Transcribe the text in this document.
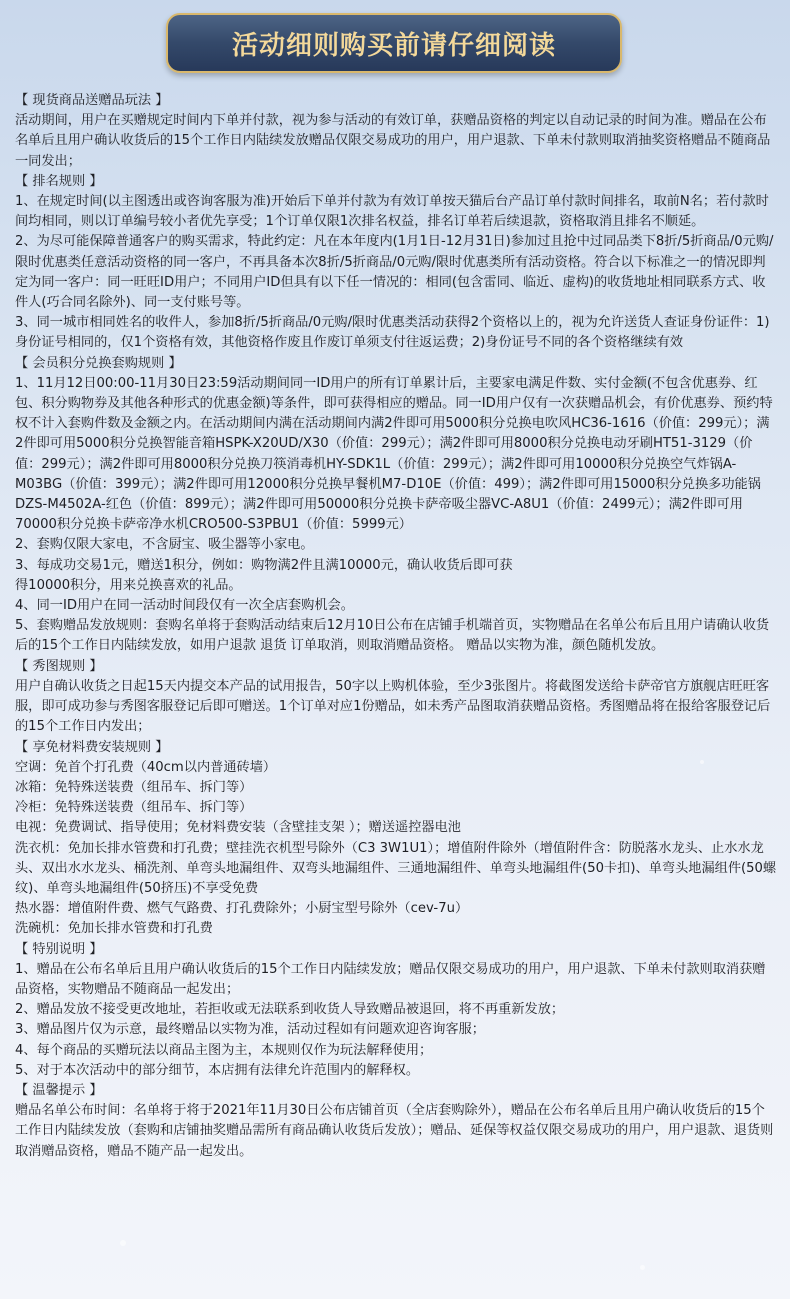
活动细则购买前请仔细阅读

【 现货商品送赠品玩法 】

活动期间，用户在买赠规定时间内下单并付款，视为参与活动的有效订单，获赠品资格的判定以自动记录的时间为准。赠品在公布名单后且用户确认收货后的15个工作日内陆续发放赠品仅限交易成功的用户，用户退款、下单未付款则取消抽奖资格赠品不随商品一同发出；

【 排名规则 】

1、在规定时间(以主图透出或咨询客服为准)开始后下单并付款为有效订单按天猫后台产品订单付款时间排名，取前N名；若付款时间均相同，则以订单编号较小者优先享受；1个订单仅限1次排名权益，排名订单若后续退款，资格取消且排名不顺延。

2、为尽可能保障普通客户的购买需求，特此约定：凡在本年度内(1月1日-12月31日)参加过且抢中过同品类下8折/5折商品/0元购/限时优惠类任意活动资格的同一客户，不再具备本次8折/5折商品/0元购/限时优惠类所有活动资格。符合以下标准之一的情况即判定为同一客户：同一旺旺ID用户；不同用户ID但具有以下任一情况的：相同(包含雷同、临近、虚构)的收货地址相同联系方式、收件人(巧合同名除外)、同一支付账号等。

3、同一城市相同姓名的收件人，参加8折/5折商品/0元购/限时优惠类活动获得2个资格以上的，视为允许送货人查证身份证件：1)身份证号相同的，仅1个资格有效，其他资格作废且作废订单须支付往返运费；2)身份证号不同的各个资格继续有效

【 会员积分兑换套购规则 】

1、11月12日00:00-11月30日23:59活动期间同一ID用户的所有订单累计后，主要家电满足件数、实付金额(不包含优惠券、红包、积分购物券及其他各种形式的优惠金额)等条件，即可获得相应的赠品。同一ID用户仅有一次获赠品机会，有价优惠券、预约特权不计入套购件数及金额之内。在活动期间内满在活动期间内满2件即可用5000积分兑换电吹风HC36-1616（价值：299元）；满2件即可用5000积分兑换智能音箱HSPK-X20UD/X30（价值：299元）；满2件即可用8000积分兑换电动牙刷HT51-3129（价值：299元）；满2件即可用8000积分兑换刀筷消毒机HY-SDK1L（价值：299元）；满2件即可用10000积分兑换空气炸锅A-M03BG（价值：399元）；满2件即可用12000积分兑换早餐机M7-D10E（价值：499）；满2件即可用15000积分兑换多功能锅DZS-M4502A-红色（价值：899元）；满2件即可用50000积分兑换卡萨帝吸尘器VC-A8U1（价值：2499元）；满2件即可用70000积分兑换卡萨帝净水机CRO500-S3PBU1（价值：5999元）

2、套购仅限大家电，不含厨宝、吸尘器等小家电。

3、每成功交易1元，赠送1积分，例如：购物满2件且满10000元，确认收货后即可获

得10000积分，用来兑换喜欢的礼品。

4、同一ID用户在同一活动时间段仅有一次全店套购机会。

5、套购赠品发放规则：套购名单将于套购活动结束后12月10日公布在店铺手机端首页，实物赠品在名单公布后且用户请确认收货后的15个工作日内陆续发放，如用户退款 退货 订单取消，则取消赠品资格。 赠品以实物为准，颜色随机发放。

【 秀图规则 】

用户自确认收货之日起15天内提交本产品的试用报告，50字以上购机体验，至少3张图片。将截图发送给卡萨帝官方旗舰店旺旺客服，即可成功参与秀图客服登记后即可赠送。1个订单对应1份赠品，如未秀产品图取消获赠品资格。秀图赠品将在报给客服登记后的15个工作日内发出；

【 享免材料费安装规则 】

空调：免首个打孔费（40cm以内普通砖墙）

冰箱：免特殊送装费（组吊车、拆门等）

冷柜：免特殊送装费（组吊车、拆门等）

电视：免费调试、指导使用；免材料费安装（含壁挂支架 ）；赠送遥控器电池

洗衣机：免加长排水管费和打孔费；壁挂洗衣机型号除外（C3 3W1U1）；增值附件除外（增值附件含：防脱落水龙头、止水水龙头、双出水水龙头、桶洗剂、单弯头地漏组件、双弯头地漏组件、三通地漏组件、单弯头地漏组件(50卡扣)、单弯头地漏组件(50螺纹)、单弯头地漏组件(50挤压)不享受免费

热水器：增值附件费、燃气气路费、打孔费除外；小厨宝型号除外（cev-7u）

洗碗机：免加长排水管费和打孔费

【 特别说明 】

1、赠品在公布名单后且用户确认收货后的15个工作日内陆续发放；赠品仅限交易成功的用户，用户退款、下单未付款则取消获赠品资格，实物赠品不随商品一起发出；

2、赠品发放不接受更改地址，若拒收或无法联系到收货人导致赠品被退回，将不再重新发放；

3、赠品图片仅为示意，最终赠品以实物为准，活动过程如有问题欢迎咨询客服；

4、每个商品的买赠玩法以商品主图为主，本规则仅作为玩法解释使用；

5、对于本次活动中的部分细节，本店拥有法律允许范围内的解释权。

【 温馨提示 】

赠品名单公布时间：名单将于将于2021年11月30日公布店铺首页（全店套购除外），赠品在公布名单后且用户确认收货后的15个工作日内陆续发放（套购和店铺抽奖赠品需所有商品确认收货后发放）；赠品、延保等权益仅限交易成功的用户，用户退款、退货则取消赠品资格，赠品不随产品一起发出。
